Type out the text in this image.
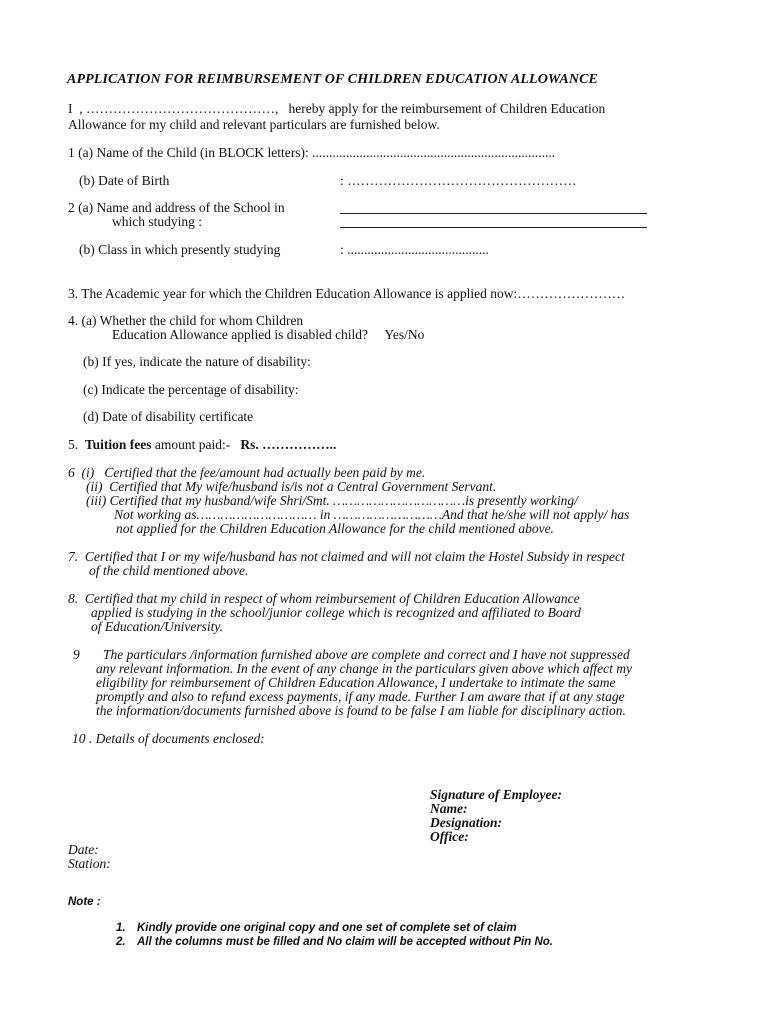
APPLICATION FOR REIMBURSEMENT OF CHILDREN EDUCATION ALLOWANCE
I  , ……………………………………,   hereby apply for the reimbursement of Children Education
Allowance for my child and relevant particulars are furnished below.
1 (a) Name of the Child (in BLOCK letters): ........................................................................
(b) Date of Birth	: ……………………………………………
2 (a) Name and address of the School in
which studying :
(b) Class in which presently studying	: ..........................................
3. The Academic year for which the Children Education Allowance is applied now:……………………
4. (a) Whether the child for whom Children
Education Allowance applied is disabled child?     Yes/No
(b) If yes, indicate the nature of disability:
(c) Indicate the percentage of disability:
(d) Date of disability certificate
5.  Tuition fees amount paid:-   Rs. ……………..
6  (i)   Certified that the fee/amount had actually been paid by me.
(ii)  Certified that My wife/husband is/is not a Central Government Servant.
(iii) Certified that my husband/wife Shri/Smt. ……………………………is presently working/
Not working as………………………… in ………………………And that he/she will not apply/ has
not applied for the Children Education Allowance for the child mentioned above.
7.  Certified that I or my wife/husband has not claimed and will not claim the Hostel Subsidy in respect
of the child mentioned above.
8.  Certified that my child in respect of whom reimbursement of Children Education Allowance
applied is studying in the school/junior college which is recognized and affiliated to Board
of Education/University.
9 The particulars /information furnished above are complete and correct and I have not suppressed
any relevant information. In the event of any change in the particulars given above which affect my
eligibility for reimbursement of Children Education Allowance, I undertake to intimate the same
promptly and also to refund excess payments, if any made. Further I am aware that if at any stage
the information/documents furnished above is found to be false I am liable for disciplinary action.
10 . Details of documents enclosed:
Signature of Employee:
Name:
Designation:
Office:
Date:
Station:
Note :
1. Kindly provide one original copy and one set of complete set of claim
2. All the columns must be filled and No claim will be accepted without Pin No.
